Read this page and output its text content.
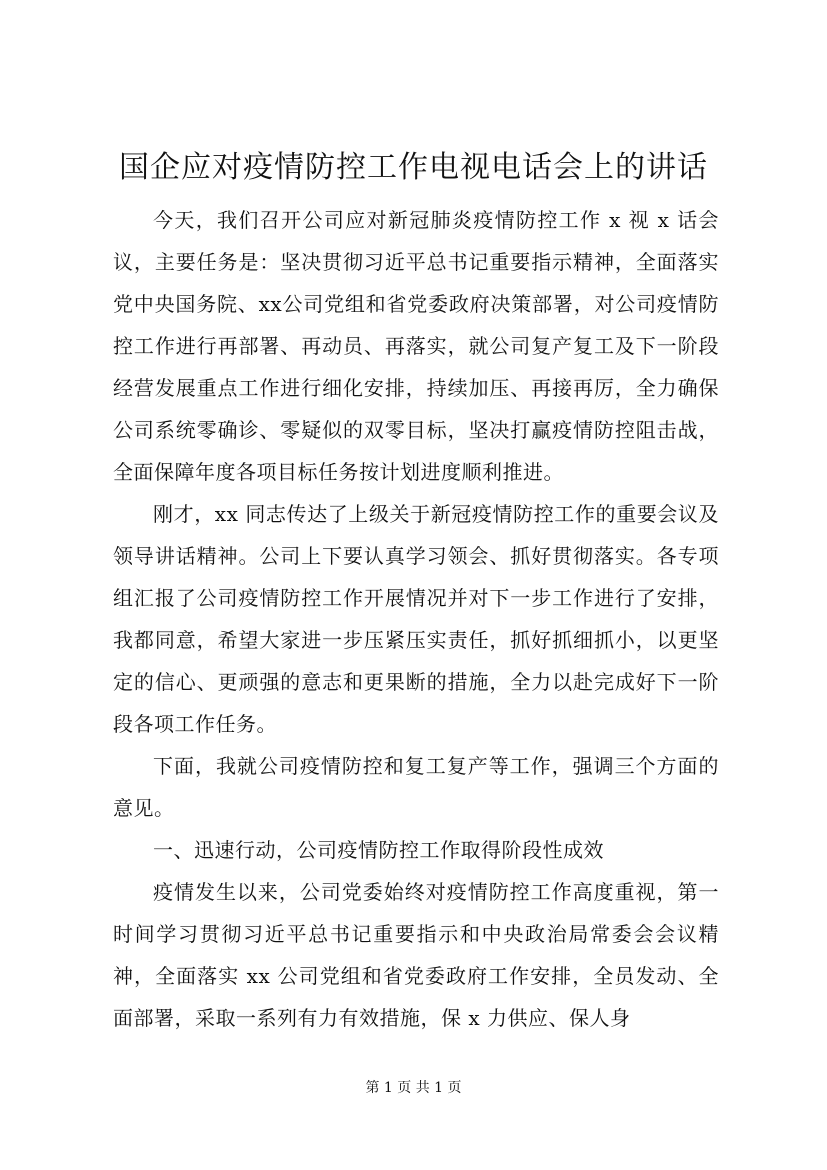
国企应对疫情防控工作电视电话会上的讲话

今天，我们召开公司应对新冠肺炎疫情防控工作 x 视 x 话会议，主要任务是：坚决贯彻习近平总书记重要指示精神，全面落实党中央国务院、xx公司党组和省党委政府决策部署，对公司疫情防控工作进行再部署、再动员、再落实，就公司复产复工及下一阶段经营发展重点工作进行细化安排，持续加压、再接再厉，全力确保公司系统零确诊、零疑似的双零目标，坚决打赢疫情防控阻击战，全面保障年度各项目标任务按计划进度顺利推进。

刚才，xx 同志传达了上级关于新冠疫情防控工作的重要会议及领导讲话精神。公司上下要认真学习领会、抓好贯彻落实。各专项组汇报了公司疫情防控工作开展情况并对下一步工作进行了安排，我都同意，希望大家进一步压紧压实责任，抓好抓细抓小，以更坚定的信心、更顽强的意志和更果断的措施，全力以赴完成好下一阶段各项工作任务。

下面，我就公司疫情防控和复工复产等工作，强调三个方面的意见。

一、迅速行动，公司疫情防控工作取得阶段性成效

疫情发生以来，公司党委始终对疫情防控工作高度重视，第一时间学习贯彻习近平总书记重要指示和中央政治局常委会会议精神，全面落实 xx 公司党组和省党委政府工作安排，全员发动、全面部署，采取一系列有力有效措施，保 x 力供应、保人身

第 1 页 共 1 页
